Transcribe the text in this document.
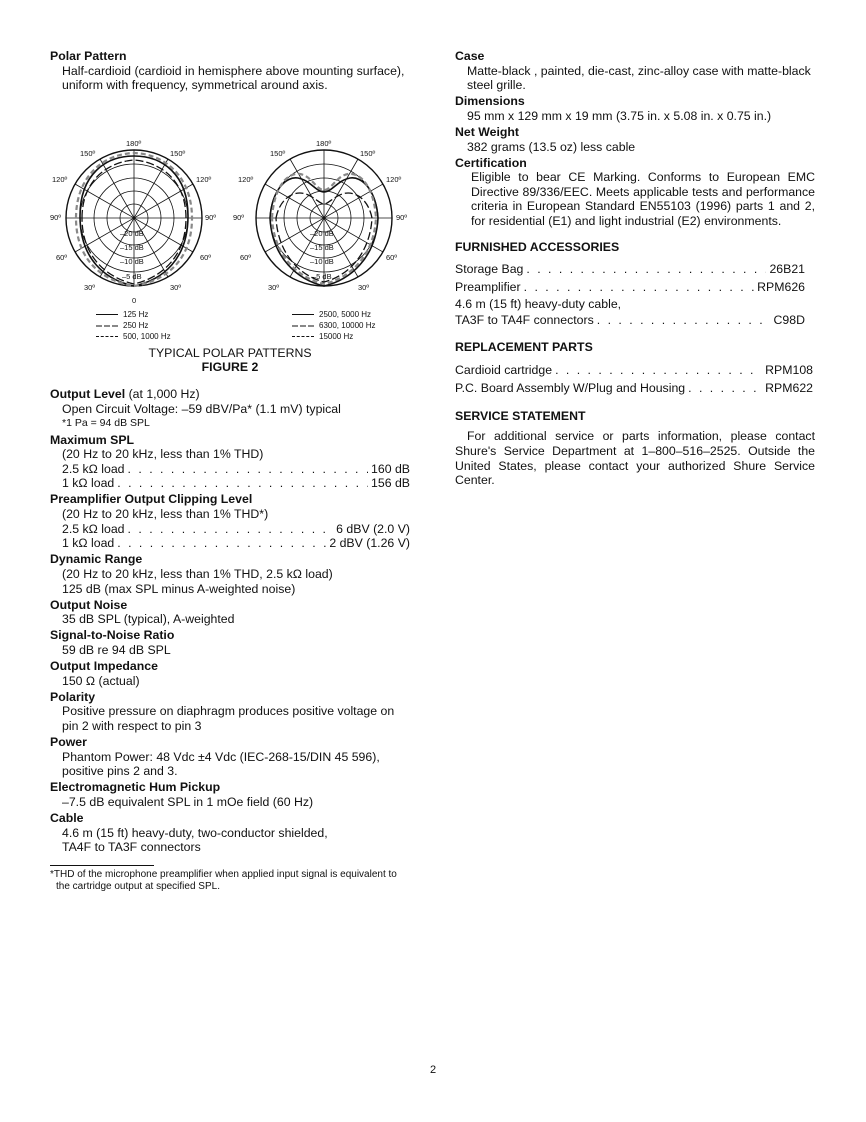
Polar Pattern
Half-cardioid (cardioid in hemisphere above mounting surface), uniform with frequency, symmetrical around axis.
180º
150º	150º
120º	120º
90º	90º
60º	60º
30º	30º
0
–20 dB
–15 dB
–10 dB
–5 dB
180º
150º	150º
120º	120º
90º	90º
60º	60º
30º	30º
–20 dB
–15 dB
–10 dB
–5 dB
125 Hz
250 Hz
500, 1000 Hz
2500, 5000 Hz
6300, 10000 Hz
15000 Hz
TYPICAL POLAR PATTERNS
FIGURE 2
Output Level (at 1,000 Hz)
Open Circuit Voltage: –59 dBV/Pa* (1.1 mV) typical
*1 Pa = 94 dB SPL
Maximum SPL
(20 Hz to 20 kHz, less than 1% THD)
2.5 kΩ load . . .	160 dB
1 kΩ load . . .	156 dB
Preamplifier Output Clipping Level
(20 Hz to 20 kHz, less than 1% THD*)
2.5 kΩ load . . .	6 dBV (2.0 V)
1 kΩ load . . .	2 dBV (1.26 V)
Dynamic Range
(20 Hz to 20 kHz, less than 1% THD, 2.5 kΩ load)
125 dB (max SPL minus A-weighted noise)
Output Noise
35 dB SPL (typical), A-weighted
Signal-to-Noise Ratio
59 dB re 94 dB SPL
Output Impedance
150 Ω (actual)
Polarity
Positive pressure on diaphragm produces positive voltage on pin 2 with respect to pin 3
Power
Phantom Power: 48 Vdc ±4 Vdc (IEC-268-15/DIN 45 596), positive pins 2 and 3.
Electromagnetic Hum Pickup
–7.5 dB equivalent SPL in 1 mOe field (60 Hz)
Cable
4.6 m (15 ft) heavy-duty, two-conductor shielded,
TA4F to TA3F connectors
*THD of the microphone preamplifier when applied input signal is equivalent to the cartridge output at specified SPL.
Case
Matte-black , painted, die-cast, zinc-alloy case with matte-black steel grille.
Dimensions
95 mm x 129 mm x 19 mm (3.75 in. x 5.08 in. x 0.75 in.)
Net Weight
382 grams (13.5 oz) less cable
Certification
Eligible to bear CE Marking. Conforms to European EMC Directive 89/336/EEC. Meets applicable tests and performance criteria in European Standard EN55103 (1996) parts 1 and 2, for residential (E1) and light industrial (E2) environments.
FURNISHED ACCESSORIES
Storage Bag . . .	26B21
Preamplifier . . .	RPM626
4.6 m (15 ft) heavy-duty cable,
TA3F to TA4F connectors . . .	C98D
REPLACEMENT PARTS
Cardioid cartridge . . .	RPM108
P.C. Board Assembly W/Plug and Housing . . .	RPM622
SERVICE STATEMENT
For additional service or parts information, please contact Shure's Service Department at 1–800–516–2525. Outside the United States, please contact your authorized Shure Service Center.
2
